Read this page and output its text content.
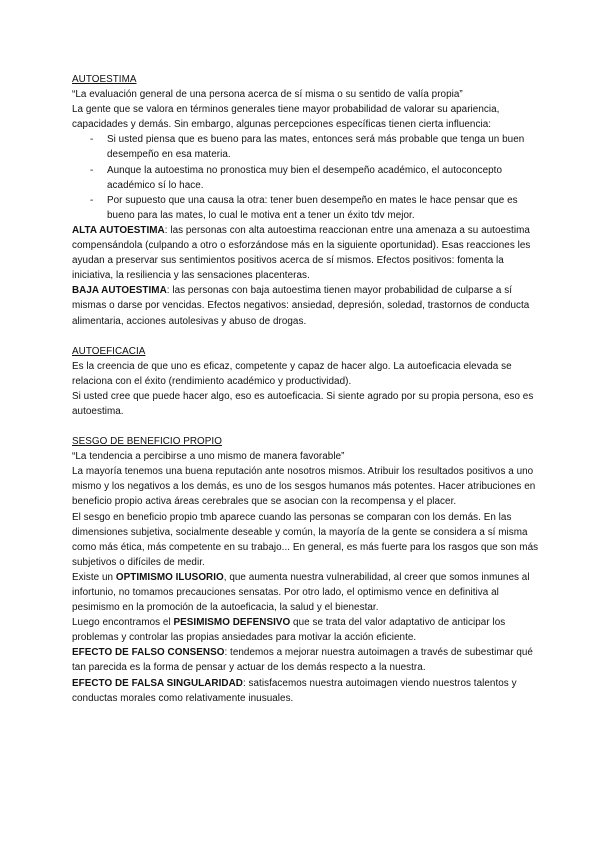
AUTOESTIMA

“La evaluación general de una persona acerca de sí misma o su sentido de valía propia”

La gente que se valora en términos generales tiene mayor probabilidad de valorar su apariencia, capacidades y demás. Sin embargo, algunas percepciones específicas tienen cierta influencia:

- Si usted piensa que es bueno para las mates, entonces será más probable que tenga un buen desempeño en esa materia.
- Aunque la autoestima no pronostica muy bien el desempeño académico, el autoconcepto académico sí lo hace.
- Por supuesto que una causa la otra: tener buen desempeño en mates le hace pensar que es bueno para las mates, lo cual le motiva ent a tener un éxito tdv mejor.

ALTA AUTOESTIMA: las personas con alta autoestima reaccionan entre una amenaza a su autoestima compensándola (culpando a otro o esforzándose más en la siguiente oportunidad). Esas reacciones les ayudan a preservar sus sentimientos positivos acerca de sí mismos. Efectos positivos: fomenta la iniciativa, la resiliencia y las sensaciones placenteras.

BAJA AUTOESTIMA: las personas con baja autoestima tienen mayor probabilidad de culparse a sí mismas o darse por vencidas. Efectos negativos: ansiedad, depresión, soledad, trastornos de conducta alimentaria, acciones autolesivas y abuso de drogas.

AUTOEFICACIA

Es la creencia de que uno es eficaz, competente y capaz de hacer algo. La autoeficacia elevada se relaciona con el éxito (rendimiento académico y productividad).

Si usted cree que puede hacer algo, eso es autoeficacia. Si siente agrado por su propia persona, eso es autoestima.

SESGO DE BENEFICIO PROPIO

“La tendencia a percibirse a uno mismo de manera favorable”

La mayoría tenemos una buena reputación ante nosotros mismos. Atribuir los resultados positivos a uno mismo y los negativos a los demás, es uno de los sesgos humanos más potentes. Hacer atribuciones en beneficio propio activa áreas cerebrales que se asocian con la recompensa y el placer.

El sesgo en beneficio propio tmb aparece cuando las personas se comparan con los demás. En las dimensiones subjetiva, socialmente deseable y común, la mayoría de la gente se considera a sí misma como más ética, más competente en su trabajo... En general, es más fuerte para los rasgos que son más subjetivos o difíciles de medir.

Existe un OPTIMISMO ILUSORIO, que aumenta nuestra vulnerabilidad, al creer que somos inmunes al infortunio, no tomamos precauciones sensatas. Por otro lado, el optimismo vence en definitiva al pesimismo en la promoción de la autoeficacia, la salud y el bienestar.

Luego encontramos el PESIMISMO DEFENSIVO que se trata del valor adaptativo de anticipar los problemas y controlar las propias ansiedades para motivar la acción eficiente.

EFECTO DE FALSO CONSENSO: tendemos a mejorar nuestra autoimagen a través de subestimar qué tan parecida es la forma de pensar y actuar de los demás respecto a la nuestra.

EFECTO DE FALSA SINGULARIDAD: satisfacemos nuestra autoimagen viendo nuestros talentos y conductas morales como relativamente inusuales.
